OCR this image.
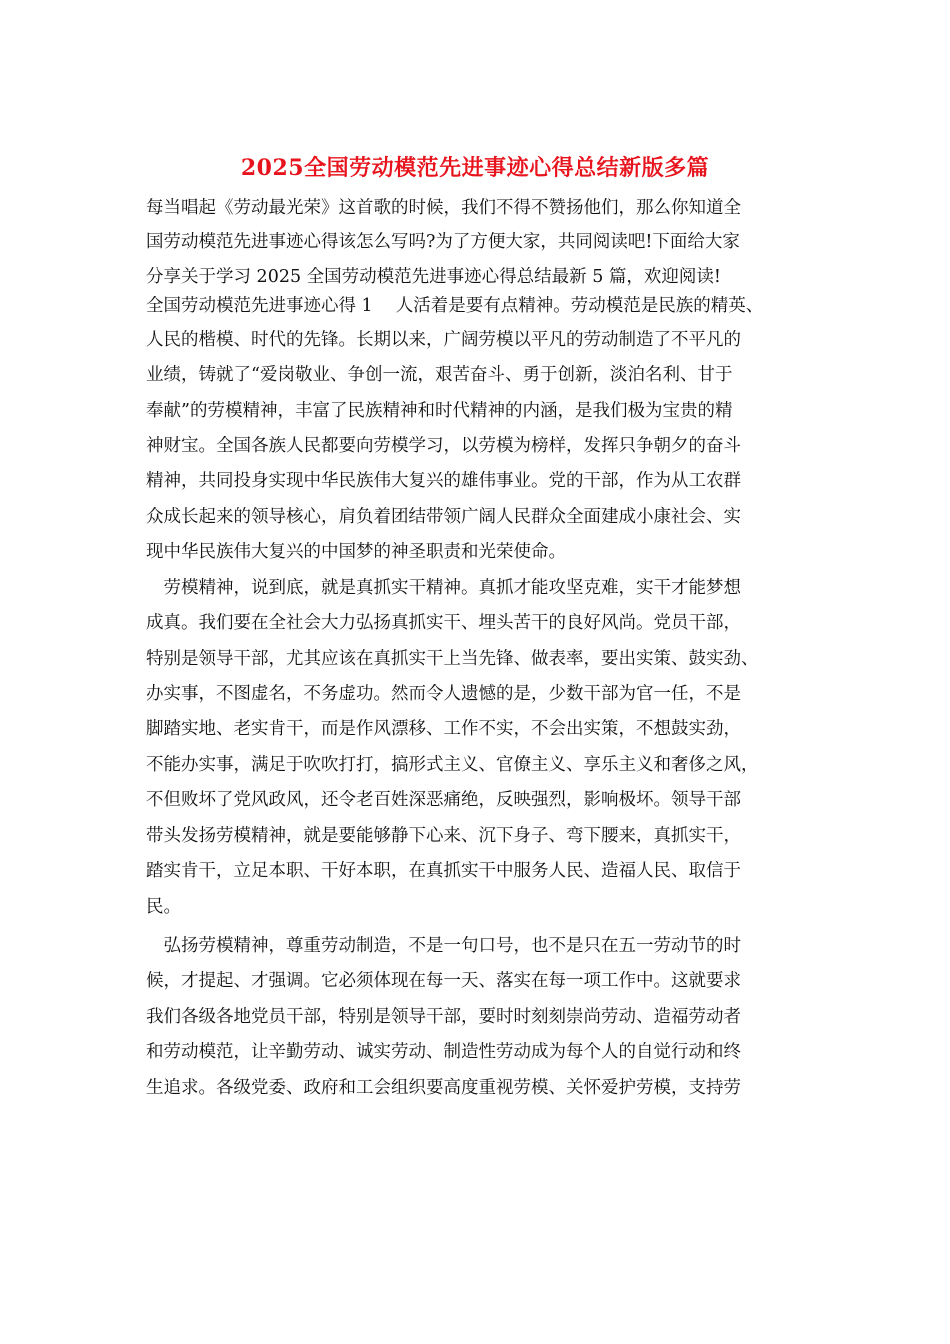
2025全国劳动模范先进事迹心得总结新版多篇
每当唱起《劳动最光荣》这首歌的时候，我们不得不赞扬他们，那么你知道全
国劳动模范先进事迹心得该怎么写吗?为了方便大家，共同阅读吧!下面给大家
分享关于学习 2025 全国劳动模范先进事迹心得总结最新 5 篇，欢迎阅读!
全国劳动模范先进事迹心得 1　 人活着是要有点精神。劳动模范是民族的精英、
人民的楷模、时代的先锋。长期以来，广阔劳模以平凡的劳动制造了不平凡的
业绩，铸就了“爱岗敬业、争创一流，艰苦奋斗、勇于创新，淡泊名利、甘于
奉献”的劳模精神，丰富了民族精神和时代精神的内涵，是我们极为宝贵的精
神财宝。全国各族人民都要向劳模学习，以劳模为榜样，发挥只争朝夕的奋斗
精神，共同投身实现中华民族伟大复兴的雄伟事业。党的干部，作为从工农群
众成长起来的领导核心，肩负着团结带领广阔人民群众全面建成小康社会、实
现中华民族伟大复兴的中国梦的神圣职责和光荣使命。
　劳模精神，说到底，就是真抓实干精神。真抓才能攻坚克难，实干才能梦想
成真。我们要在全社会大力弘扬真抓实干、埋头苦干的良好风尚。党员干部，
特别是领导干部，尤其应该在真抓实干上当先锋、做表率，要出实策、鼓实劲、
办实事，不图虚名，不务虚功。然而令人遗憾的是，少数干部为官一任，不是
脚踏实地、老实肯干，而是作风漂移、工作不实，不会出实策，不想鼓实劲，
不能办实事，满足于吹吹打打，搞形式主义、官僚主义、享乐主义和奢侈之风，
不但败坏了党风政风，还令老百姓深恶痛绝，反映强烈，影响极坏。领导干部
带头发扬劳模精神，就是要能够静下心来、沉下身子、弯下腰来，真抓实干，
踏实肯干，立足本职、干好本职，在真抓实干中服务人民、造福人民、取信于
民。
　弘扬劳模精神，尊重劳动制造，不是一句口号，也不是只在五一劳动节的时
候，才提起、才强调。它必须体现在每一天、落实在每一项工作中。这就要求
我们各级各地党员干部，特别是领导干部，要时时刻刻崇尚劳动、造福劳动者
和劳动模范，让辛勤劳动、诚实劳动、制造性劳动成为每个人的自觉行动和终
生追求。各级党委、政府和工会组织要高度重视劳模、关怀爱护劳模，支持劳
